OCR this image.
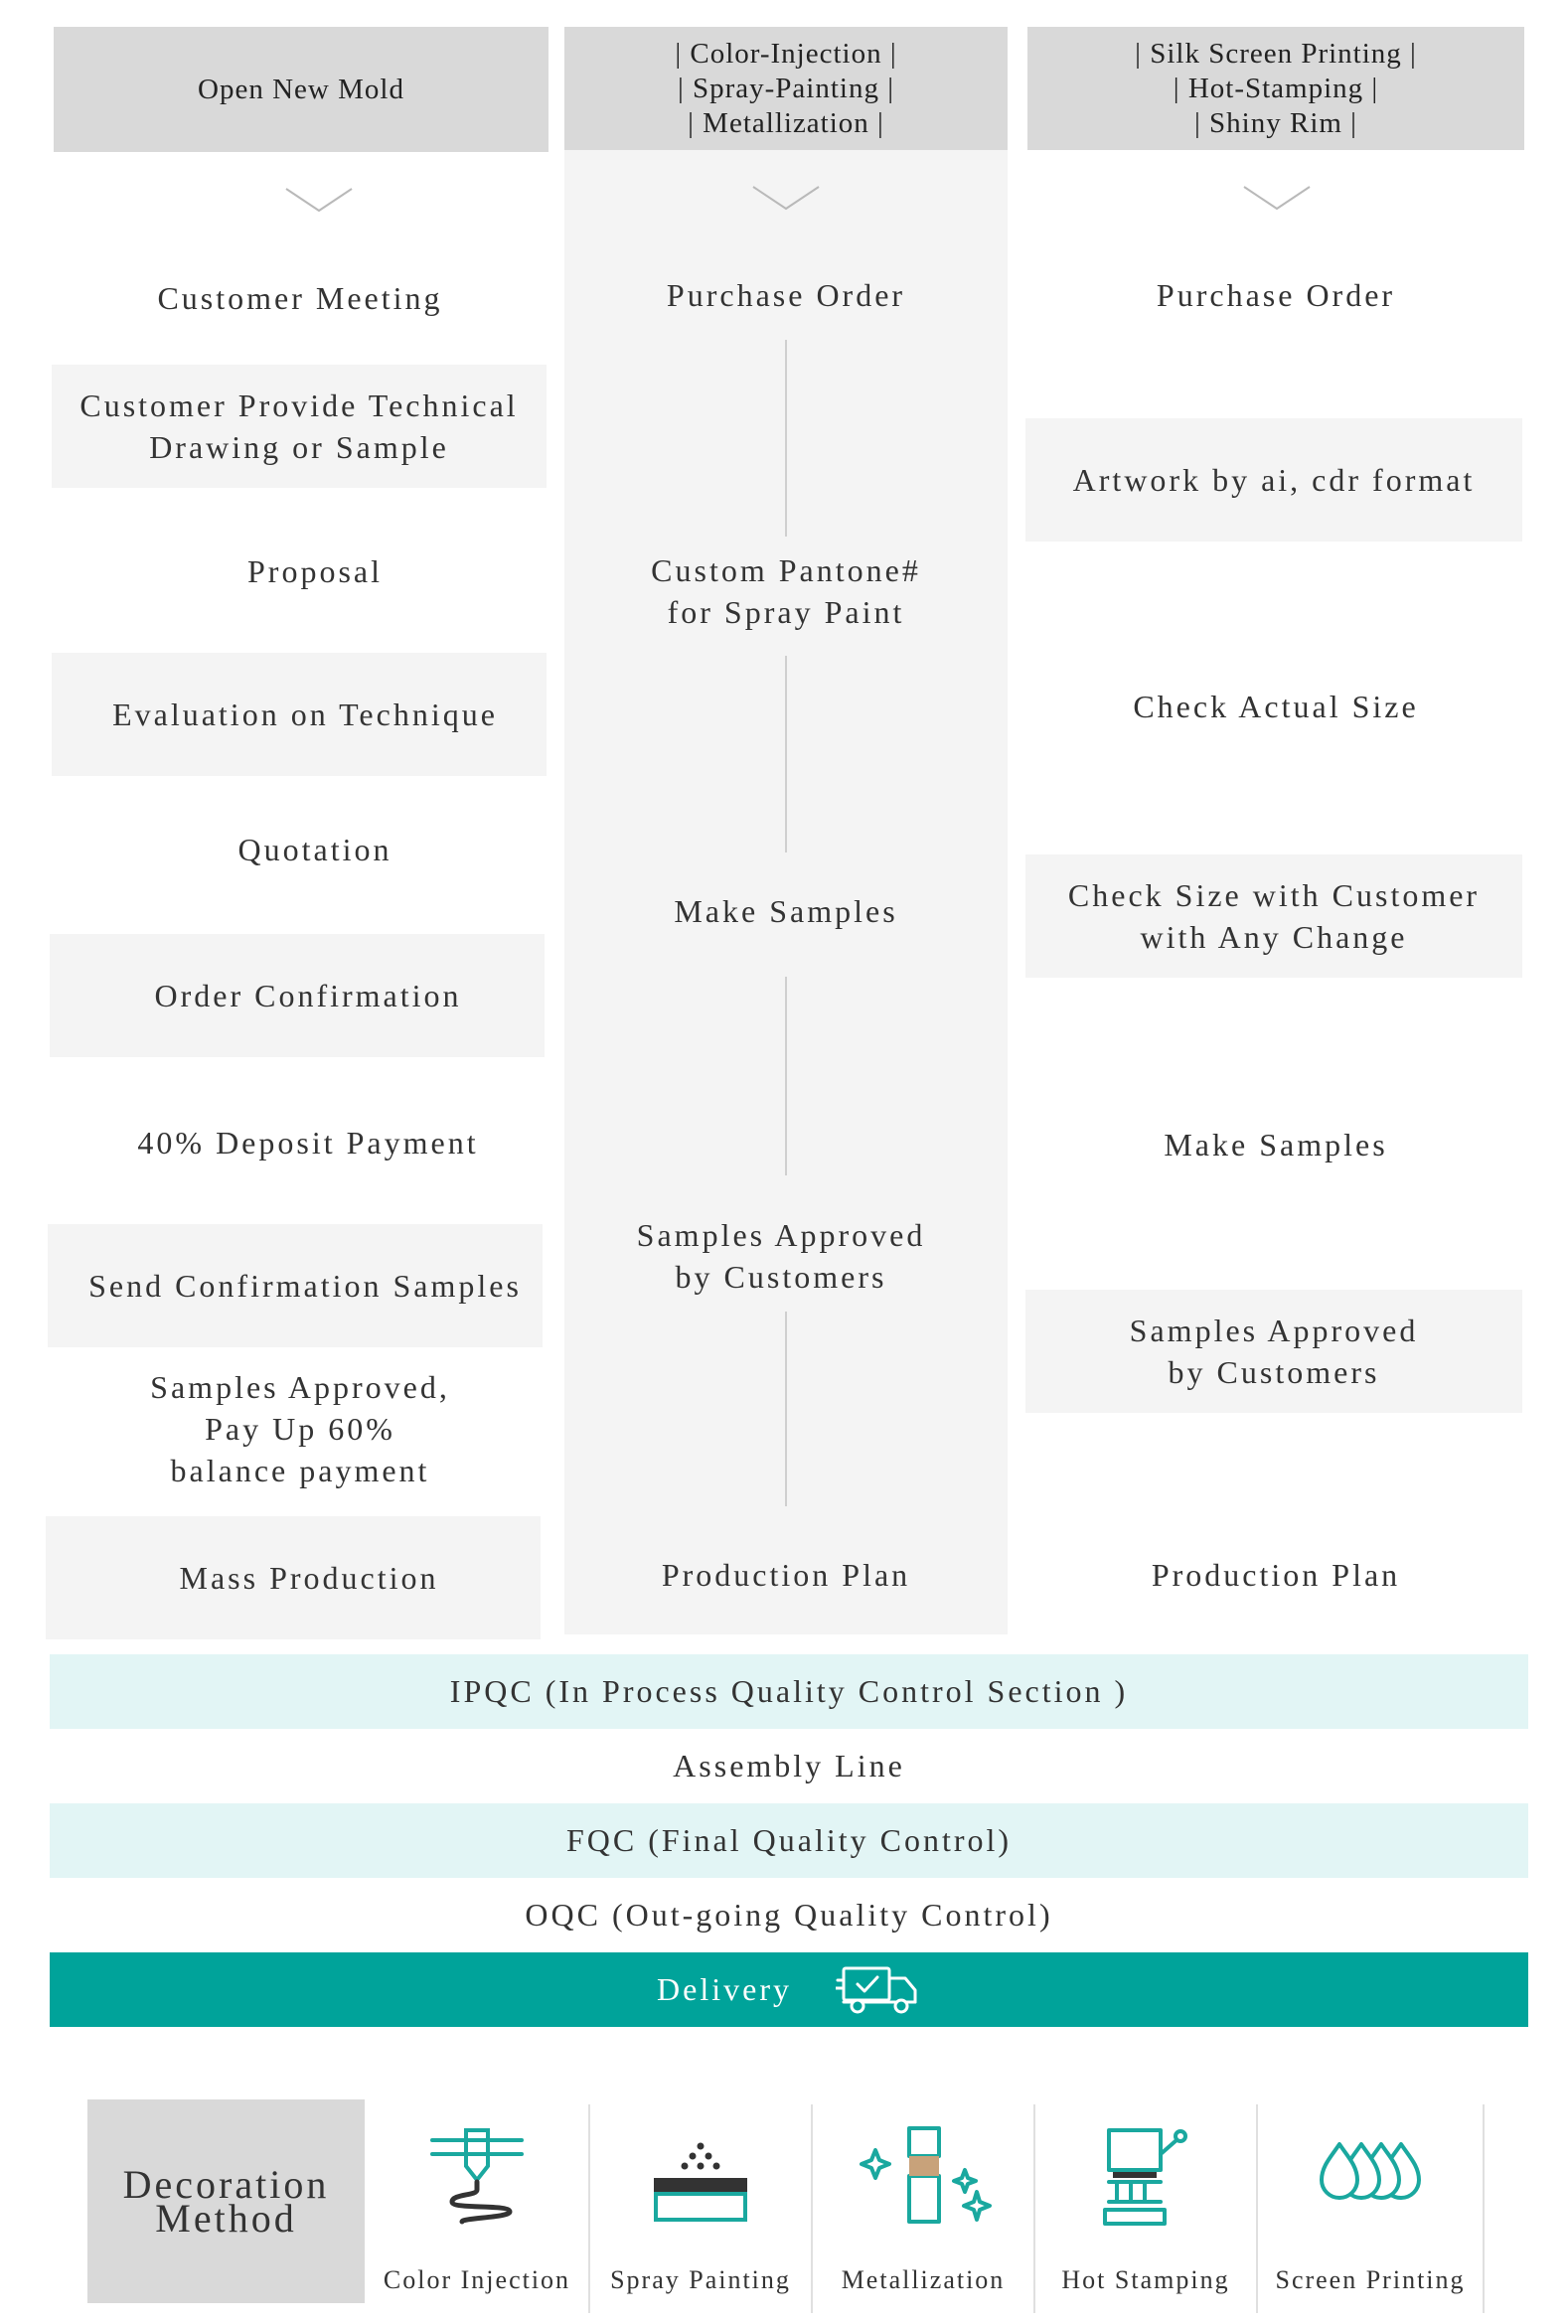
Open New Mold
Customer Meeting
Customer Provide Technical
Drawing or Sample
Proposal
Evaluation on Technique
Quotation
Order Confirmation
40% Deposit Payment
Send Confirmation Samples
Samples Approved,
Pay Up 60%
balance payment
Mass Production
| Color-Injection |
| Spray-Painting |
| Metallization |
Purchase Order
Custom Pantone#
for Spray Paint
Make Samples
Samples Approved
by Customers
Production Plan
| Silk Screen Printing |
| Hot-Stamping |
| Shiny Rim |
Purchase Order
Artwork by ai, cdr format
Check Actual Size
Check Size with Customer
with Any Change
Make Samples
Samples Approved
by Customers
Production Plan
IPQC (In Process Quality Control Section )
Assembly Line
FQC (Final Quality Control)
OQC (Out-going Quality Control)
Delivery
Decoration
Method
Color Injection	Spray Painting	Metallization	Hot Stamping	Screen Printing
